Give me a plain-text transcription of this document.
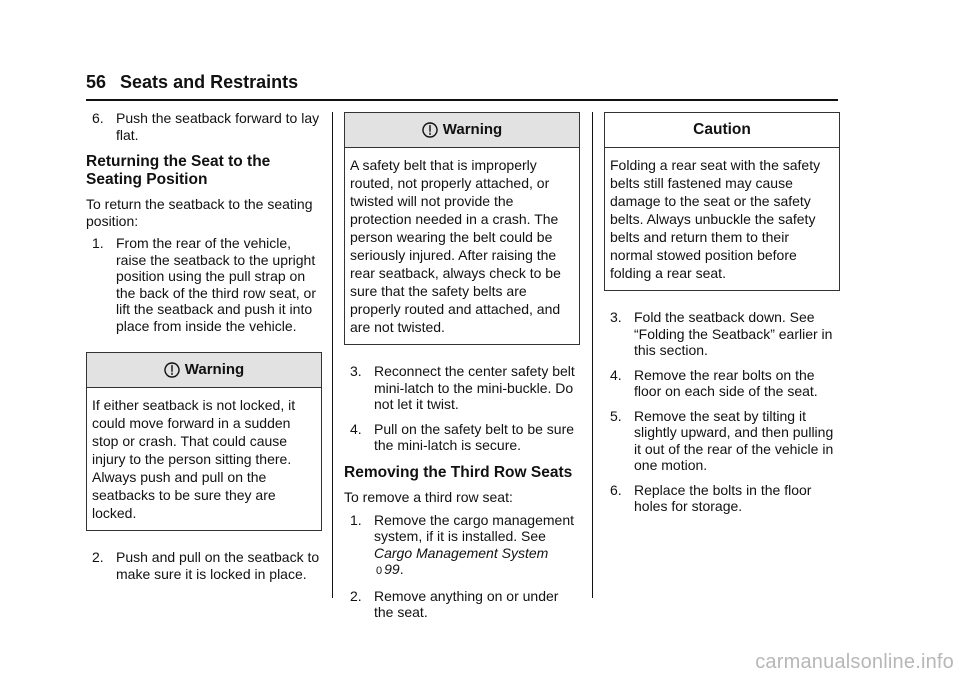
56 Seats and Restraints
6. Push the seatback forward to lay flat.
Returning the Seat to the Seating Position

To return the seatback to the seating position:

1. From the rear of the vehicle, raise the seatback to the upright position using the pull strap on the back of the third row seat, or lift the seatback and push it into place from inside the vehicle.
Warning
If either seatback is not locked, it could move forward in a sudden stop or crash. That could cause injury to the person sitting there. Always push and pull on the seatbacks to be sure they are locked.
2. Push and pull on the seatback to make sure it is locked in place.
Warning
A safety belt that is improperly routed, not properly attached, or twisted will not provide the protection needed in a crash. The person wearing the belt could be seriously injured. After raising the rear seatback, always check to be sure that the safety belts are properly routed and attached, and are not twisted.
3. Reconnect the center safety belt mini-latch to the mini-buckle. Do not let it twist.
4. Pull on the safety belt to be sure the mini-latch is secure.
Removing the Third Row Seats

To remove a third row seat:

1. Remove the cargo management system, if it is installed. See Cargo Management System 0 99.
2. Remove anything on or under the seat.
Caution
Folding a rear seat with the safety belts still fastened may cause damage to the seat or the safety belts. Always unbuckle the safety belts and return them to their normal stowed position before folding a rear seat.
3. Fold the seatback down. See “Folding the Seatback” earlier in this section.
4. Remove the rear bolts on the floor on each side of the seat.
5. Remove the seat by tilting it slightly upward, and then pulling it out of the rear of the vehicle in one motion.
6. Replace the bolts in the floor holes for storage.
carmanualsonline.info
